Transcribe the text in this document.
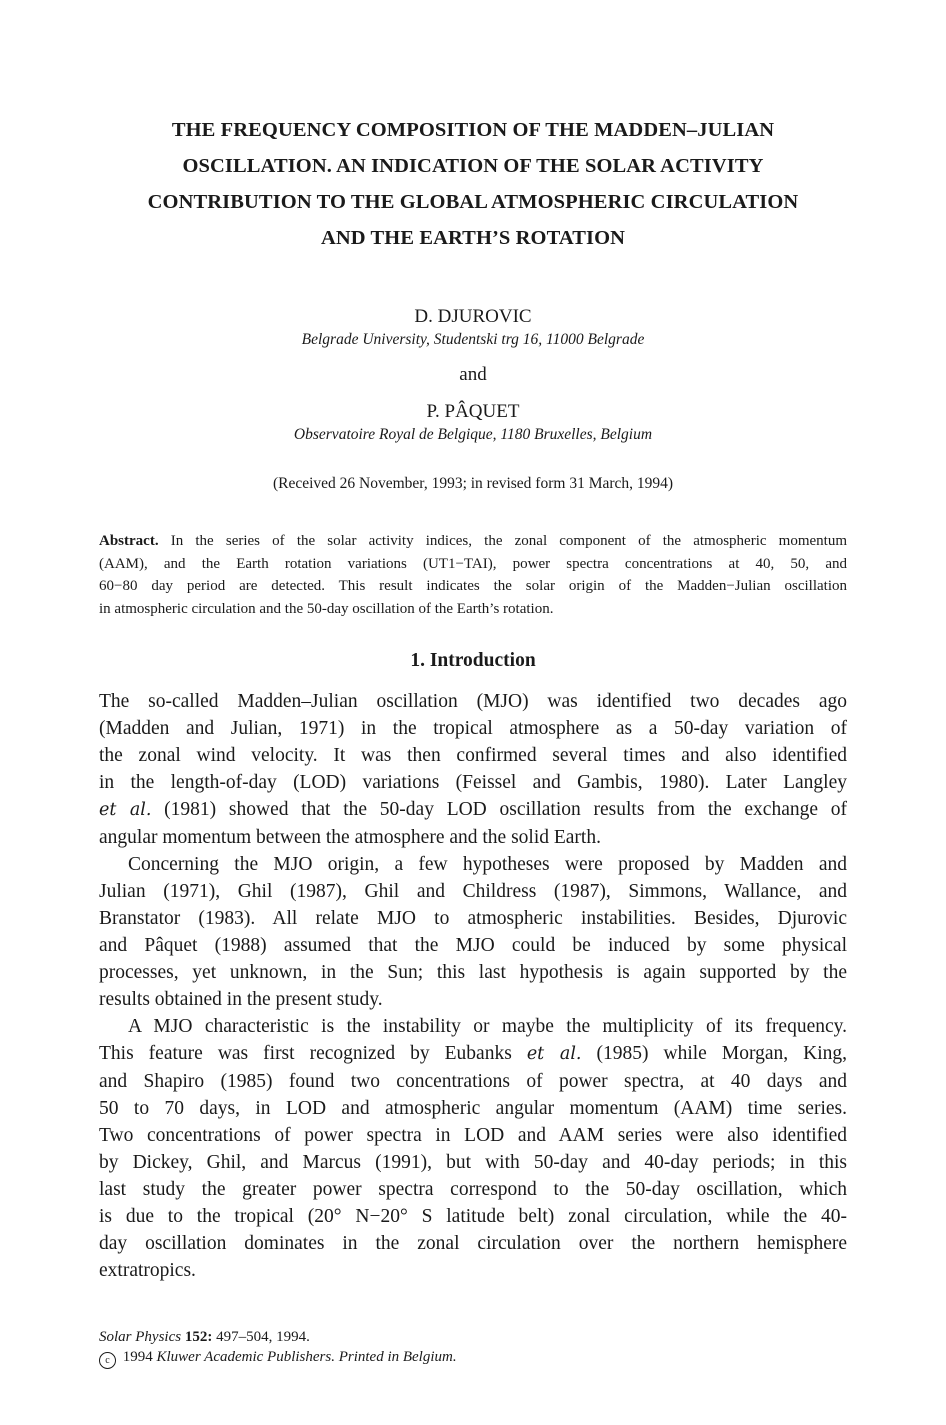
THE FREQUENCY COMPOSITION OF THE MADDEN–JULIAN
OSCILLATION. AN INDICATION OF THE SOLAR ACTIVITY
CONTRIBUTION TO THE GLOBAL ATMOSPHERIC CIRCULATION
AND THE EARTH’S ROTATION

D. DJUROVIC

Belgrade University, Studentski trg 16, 11000 Belgrade

and

P. PÂQUET

Observatoire Royal de Belgique, 1180 Bruxelles, Belgium

(Received 26 November, 1993; in revised form 31 March, 1994)
Abstract. In the series of the solar activity indices, the zonal component of the atmospheric momentum
(AAM), and the Earth rotation variations (UT1−TAI), power spectra concentrations at 40, 50, and
60−80 day period are detected. This result indicates the solar origin of the Madden−Julian oscillation
in atmospheric circulation and the 50-day oscillation of the Earth’s rotation.
1. Introduction
The so-called Madden–Julian oscillation (MJO) was identified two decades ago
(Madden and Julian, 1971) in the tropical atmosphere as a 50-day variation of
the zonal wind velocity. It was then confirmed several times and also identified
in the length-of-day (LOD) variations (Feissel and Gambis, 1980). Later Langley
et al. (1981) showed that the 50-day LOD oscillation results from the exchange of
angular momentum between the atmosphere and the solid Earth.
Concerning the MJO origin, a few hypotheses were proposed by Madden and
Julian (1971), Ghil (1987), Ghil and Childress (1987), Simmons, Wallance, and
Branstator (1983). All relate MJO to atmospheric instabilities. Besides, Djurovic
and Pâquet (1988) assumed that the MJO could be induced by some physical
processes, yet unknown, in the Sun; this last hypothesis is again supported by the
results obtained in the present study.
A MJO characteristic is the instability or maybe the multiplicity of its frequency.
This feature was first recognized by Eubanks et al. (1985) while Morgan, King,
and Shapiro (1985) found two concentrations of power spectra, at 40 days and
50 to 70 days, in LOD and atmospheric angular momentum (AAM) time series.
Two concentrations of power spectra in LOD and AAM series were also identified
by Dickey, Ghil, and Marcus (1991), but with 50-day and 40-day periods; in this
last study the greater power spectra correspond to the 50-day oscillation, which
is due to the tropical (20° N−20° S latitude belt) zonal circulation, while the 40-
day oscillation dominates in the zonal circulation over the northern hemisphere
extratropics.
Solar Physics 152: 497–504, 1994.
c 1994 Kluwer Academic Publishers. Printed in Belgium.
